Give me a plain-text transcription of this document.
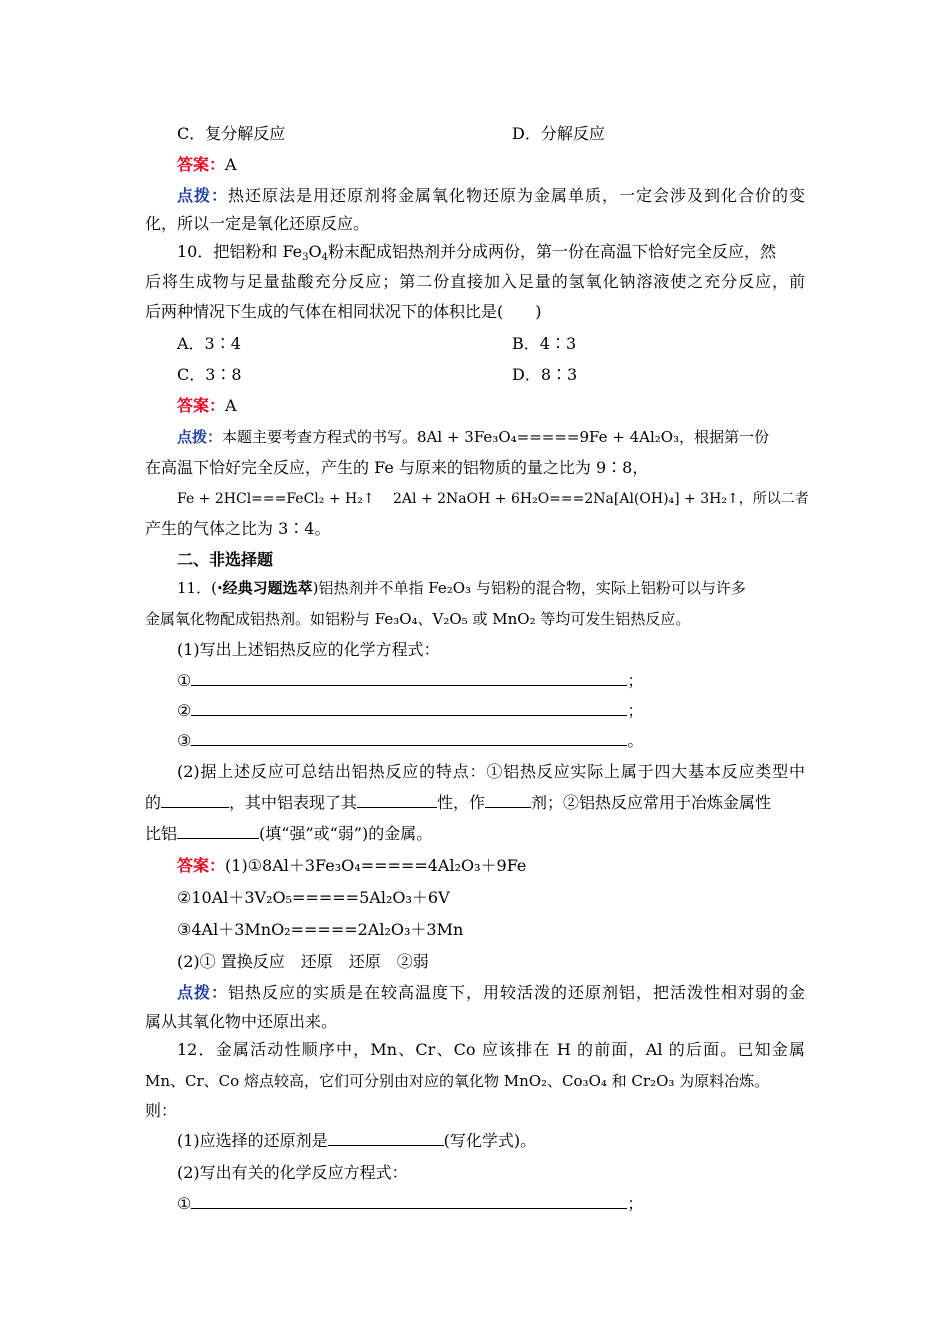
C．复分解反应	D．分解反应
答案：A
点拨：热还原法是用还原剂将金属氧化物还原为金属单质，一定会涉及到化合价的变
化，所以一定是氧化还原反应。
10．把铝粉和 $Fe_3O_4$粉末配成铝热剂并分成两份，第一份在高温下恰好完全反应，然
后将生成物与足量盐酸充分反应；第二份直接加入足量的氢氧化钠溶液使之充分反应，前
后两种情况下生成的气体在相同状况下的体积比是(　　)
A．3∶4	B．4∶3
C．3∶8	D．8∶3
答案：A
点拨：本题主要考查方程式的书写。8Al + 3Fe₃O₄=====9Fe + 4Al₂O₃，根据第一份
在高温下恰好完全反应，产生的 Fe 与原来的铝物质的量之比为 9∶8，
Fe + 2HCl===FeCl₂ + H₂↑　 2Al + 2NaOH + 6H₂O===2Na[Al(OH)₄] + 3H₂↑，所以二者
产生的气体之比为 3∶4。
二、非选择题
11．(·经典习题选萃)铝热剂并不单指 Fe₂O₃ 与铝粉的混合物，实际上铝粉可以与许多
金属氧化物配成铝热剂。如铝粉与 Fe₃O₄、V₂O₅ 或 MnO₂ 等均可发生铝热反应。
(1)写出上述铝热反应的化学方程式：
①	；
②	；
③	。
(2)据上述反应可总结出铝热反应的特点：①铝热反应实际上属于四大基本反应类型中
的	，其中铝表现了其	性，作	剂；②铝热反应常用于冶炼金属性
比铝	(填“强”或“弱”)的金属。
答案：(1)①8Al＋3Fe₃O₄=====4Al₂O₃＋9Fe
②10Al＋3V₂O₅=====5Al₂O₃＋6V
③4Al＋3MnO₂=====2Al₂O₃＋3Mn
(2)① 置换反应　还原　还原　②弱
点拨：铝热反应的实质是在较高温度下，用较活泼的还原剂铝，把活泼性相对弱的金
属从其氧化物中还原出来。
12．金属活动性顺序中，Mn、Cr、Co 应该排在 H 的前面，Al 的后面。已知金属
Mn、Cr、Co 熔点较高，它们可分别由对应的氧化物 MnO₂、Co₃O₄ 和 Cr₂O₃ 为原料冶炼。
则：
(1)应选择的还原剂是	(写化学式)。
(2)写出有关的化学反应方程式：
①	；
